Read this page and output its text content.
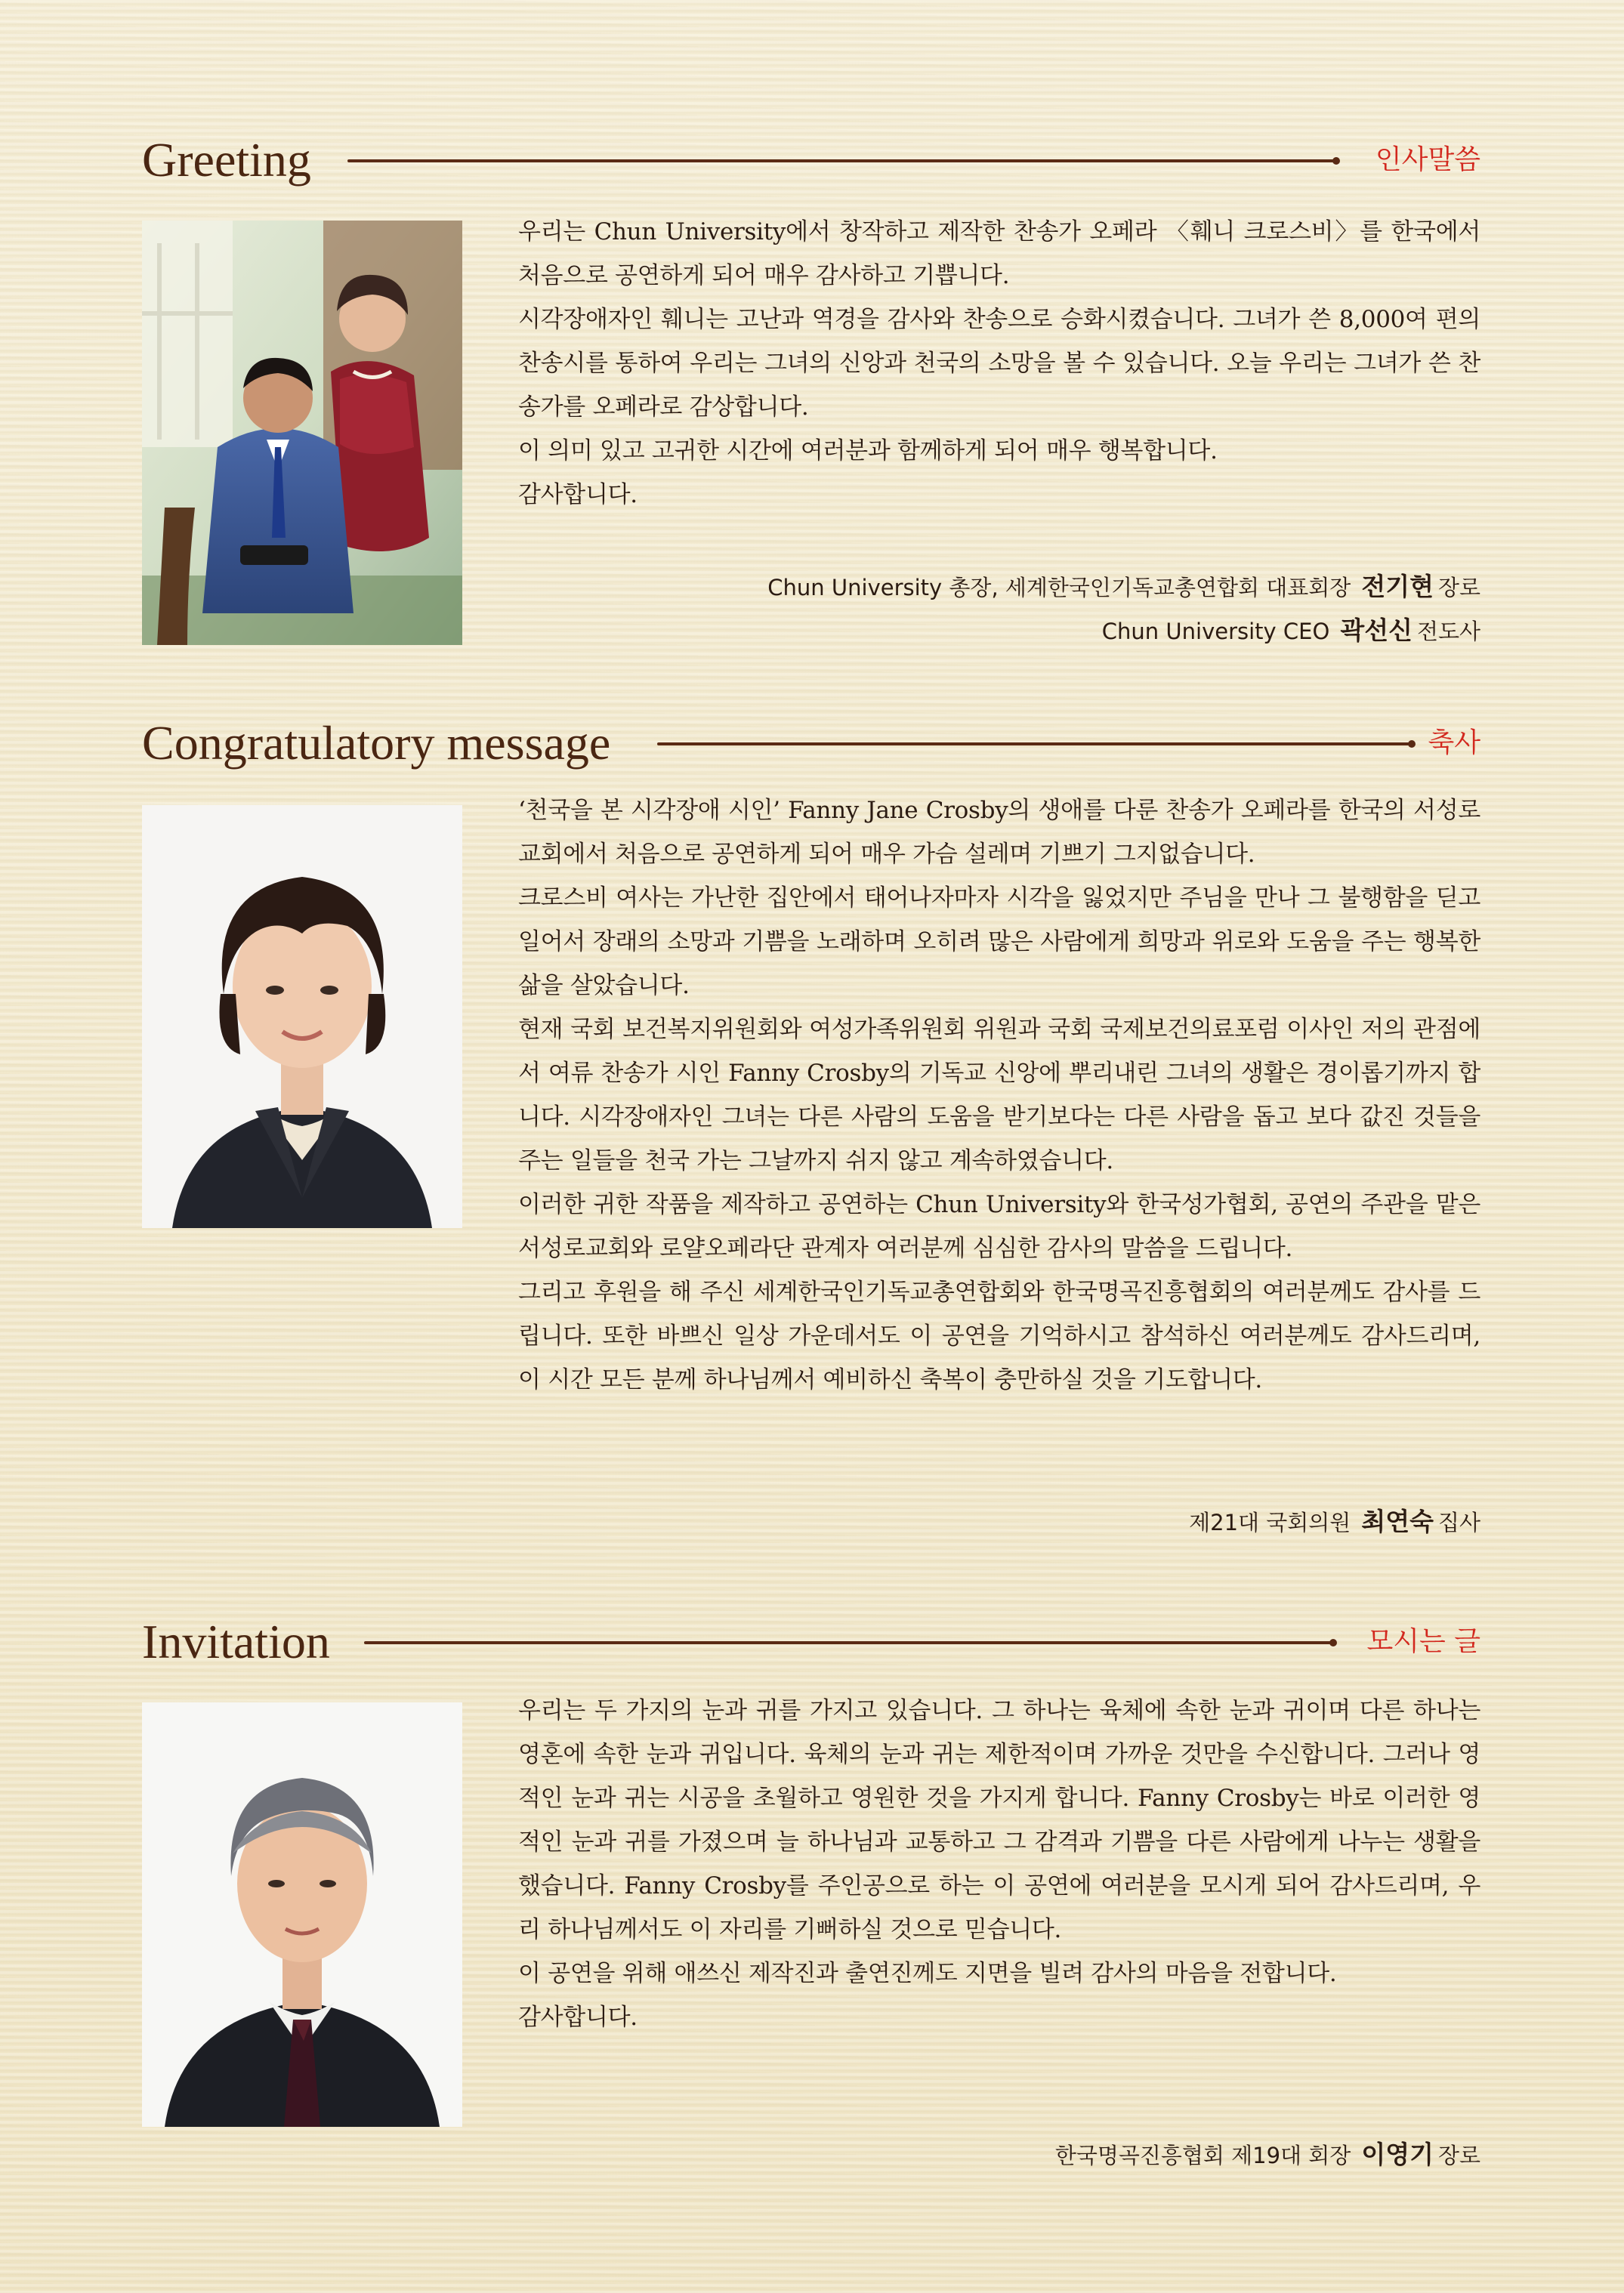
Greeting	인사말씀

우리는 Chun University에서 창작하고 제작한 찬송가 오페라 〈훼니 크로스비〉를 한국에서 처음으로 공연하게 되어 매우 감사하고 기쁩니다.

시각장애자인 훼니는 고난과 역경을 감사와 찬송으로 승화시켰습니다. 그녀가 쓴 8,000여 편의 찬송시를 통하여 우리는 그녀의 신앙과 천국의 소망을 볼 수 있습니다. 오늘 우리는 그녀가 쓴 찬송가를 오페라로 감상합니다.

이 의미 있고 고귀한 시간에 여러분과 함께하게 되어 매우 행복합니다.

감사합니다.

Chun University 총장, 세계한국인기독교총연합회 대표회장 전기현 장로
Chun University CEO 곽선신 전도사
Congratulatory message	축사

‘천국을 본 시각장애 시인’ Fanny Jane Crosby의 생애를 다룬 찬송가 오페라를 한국의 서성로교회에서 처음으로 공연하게 되어 매우 가슴 설레며 기쁘기 그지없습니다.

크로스비 여사는 가난한 집안에서 태어나자마자 시각을 잃었지만 주님을 만나 그 불행함을 딛고 일어서 장래의 소망과 기쁨을 노래하며 오히려 많은 사람에게 희망과 위로와 도움을 주는 행복한 삶을 살았습니다.

현재 국회 보건복지위원회와 여성가족위원회 위원과 국회 국제보건의료포럼 이사인 저의 관점에서 여류 찬송가 시인 Fanny Crosby의 기독교 신앙에 뿌리내린 그녀의 생활은 경이롭기까지 합니다. 시각장애자인 그녀는 다른 사람의 도움을 받기보다는 다른 사람을 돕고 보다 값진 것들을 주는 일들을 천국 가는 그날까지 쉬지 않고 계속하였습니다.

이러한 귀한 작품을 제작하고 공연하는 Chun University와 한국성가협회, 공연의 주관을 맡은 서성로교회와 로얄오페라단 관계자 여러분께 심심한 감사의 말씀을 드립니다.

그리고 후원을 해 주신 세계한국인기독교총연합회와 한국명곡진흥협회의 여러분께도 감사를 드립니다. 또한 바쁘신 일상 가운데서도 이 공연을 기억하시고 참석하신 여러분께도 감사드리며, 이 시간 모든 분께 하나님께서 예비하신 축복이 충만하실 것을 기도합니다.

제21대 국회의원 최연숙 집사
Invitation	모시는 글

우리는 두 가지의 눈과 귀를 가지고 있습니다. 그 하나는 육체에 속한 눈과 귀이며 다른 하나는 영혼에 속한 눈과 귀입니다. 육체의 눈과 귀는 제한적이며 가까운 것만을 수신합니다. 그러나 영적인 눈과 귀는 시공을 초월하고 영원한 것을 가지게 합니다. Fanny Crosby는 바로 이러한 영적인 눈과 귀를 가졌으며 늘 하나님과 교통하고 그 감격과 기쁨을 다른 사람에게 나누는 생활을 했습니다. Fanny Crosby를 주인공으로 하는 이 공연에 여러분을 모시게 되어 감사드리며, 우리 하나님께서도 이 자리를 기뻐하실 것으로 믿습니다.

이 공연을 위해 애쓰신 제작진과 출연진께도 지면을 빌려 감사의 마음을 전합니다.

감사합니다.

한국명곡진흥협회 제19대 회장 이영기 장로
